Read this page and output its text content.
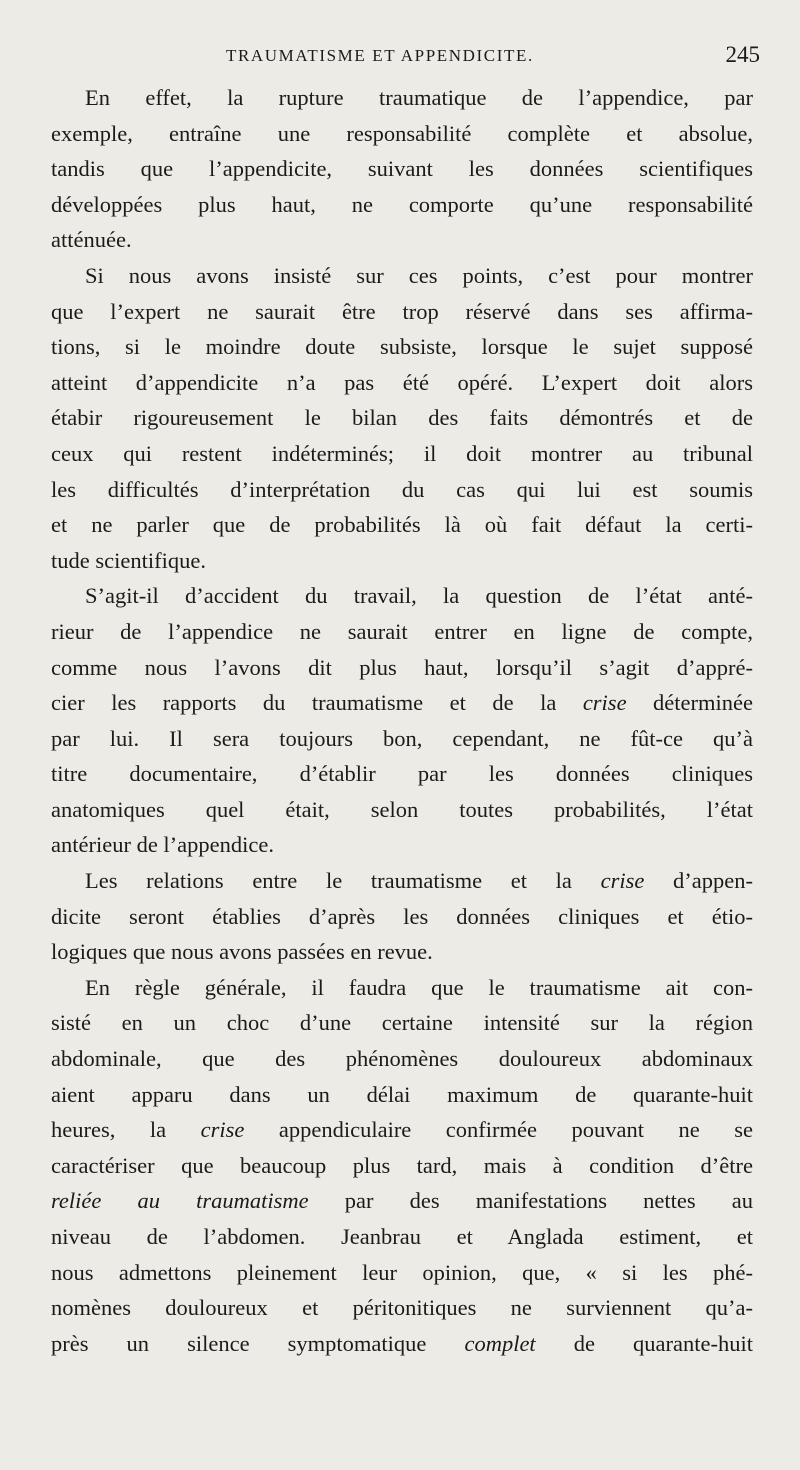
TRAUMATISME ET APPENDICITE.	245
En effet, la rupture traumatique de l’appendice, par
exemple, entraîne une responsabilité complète et absolue,
tandis que l’appendicite, suivant les données scientifiques
développées plus haut, ne comporte qu’une responsabilité
atténuée.
Si nous avons insisté sur ces points, c’est pour montrer
que l’expert ne saurait être trop réservé dans ses affirma-
tions, si le moindre doute subsiste, lorsque le sujet supposé
atteint d’appendicite n’a pas été opéré. L’expert doit alors
étabir rigoureusement le bilan des faits démontrés et de
ceux qui restent indéterminés; il doit montrer au tribunal
les difficultés d’interprétation du cas qui lui est soumis
et ne parler que de probabilités là où fait défaut la certi-
tude scientifique.
S’agit-il d’accident du travail, la question de l’état anté-
rieur de l’appendice ne saurait entrer en ligne de compte,
comme nous l’avons dit plus haut, lorsqu’il s’agit d’appré-
cier les rapports du traumatisme et de la crise déterminée
par lui. Il sera toujours bon, cependant, ne fût-ce qu’à
titre documentaire, d’établir par les données cliniques
anatomiques quel était, selon toutes probabilités, l’état
antérieur de l’appendice.
Les relations entre le traumatisme et la crise d’appen-
dicite seront établies d’après les données cliniques et étio-
logiques que nous avons passées en revue.
En règle générale, il faudra que le traumatisme ait con-
sisté en un choc d’une certaine intensité sur la région
abdominale, que des phénomènes douloureux abdominaux
aient apparu dans un délai maximum de quarante-huit
heures, la crise appendiculaire confirmée pouvant ne se
caractériser que beaucoup plus tard, mais à condition d’être
reliée au traumatisme par des manifestations nettes au
niveau de l’abdomen. Jeanbrau et Anglada estiment, et
nous admettons pleinement leur opinion, que, « si les phé-
nomènes douloureux et péritonitiques ne surviennent qu’a-
près un silence symptomatique complet de quarante-huit
